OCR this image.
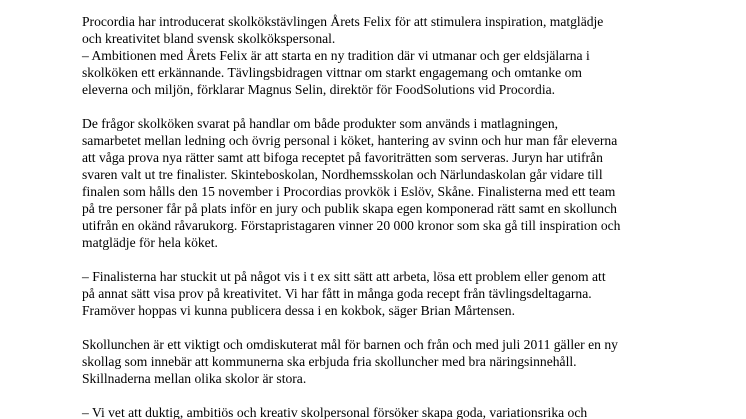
Procordia har introducerat skolkökstävlingen Årets Felix för att stimulera inspiration, matglädje
och kreativitet bland svensk skolkökspersonal.
– Ambitionen med Årets Felix är att starta en ny tradition där vi utmanar och ger eldsjälarna i
skolköken ett erkännande. Tävlingsbidragen vittnar om starkt engagemang och omtanke om
eleverna och miljön, förklarar Magnus Selin, direktör för FoodSolutions vid Procordia.
De frågor skolköken svarat på handlar om både produkter som används i matlagningen,
samarbetet mellan ledning och övrig personal i köket, hantering av svinn och hur man får eleverna
att våga prova nya rätter samt att bifoga receptet på favoriträtten som serveras. Juryn har utifrån
svaren valt ut tre finalister. Skinteboskolan, Nordhemsskolan och Närlundaskolan går vidare till
finalen som hålls den 15 november i Procordias provkök i Eslöv, Skåne. Finalisterna med ett team
på tre personer får på plats inför en jury och publik skapa egen komponerad rätt samt en skollunch
utifrån en okänd råvarukorg. Förstapristagaren vinner 20 000 kronor som ska gå till inspiration och
matglädje för hela köket.
– Finalisterna har stuckit ut på något vis i t ex sitt sätt att arbeta, lösa ett problem eller genom att
på annat sätt visa prov på kreativitet. Vi har fått in många goda recept från tävlingsdeltagarna.
Framöver hoppas vi kunna publicera dessa i en kokbok, säger Brian Mårtensen.
Skollunchen är ett viktigt och omdiskuterat mål för barnen och från och med juli 2011 gäller en ny
skollag som innebär att kommunerna ska erbjuda fria skolluncher med bra näringsinnehåll.
Skillnaderna mellan olika skolor är stora.
– Vi vet att duktig, ambitiös och kreativ skolpersonal försöker skapa goda, variationsrika och
